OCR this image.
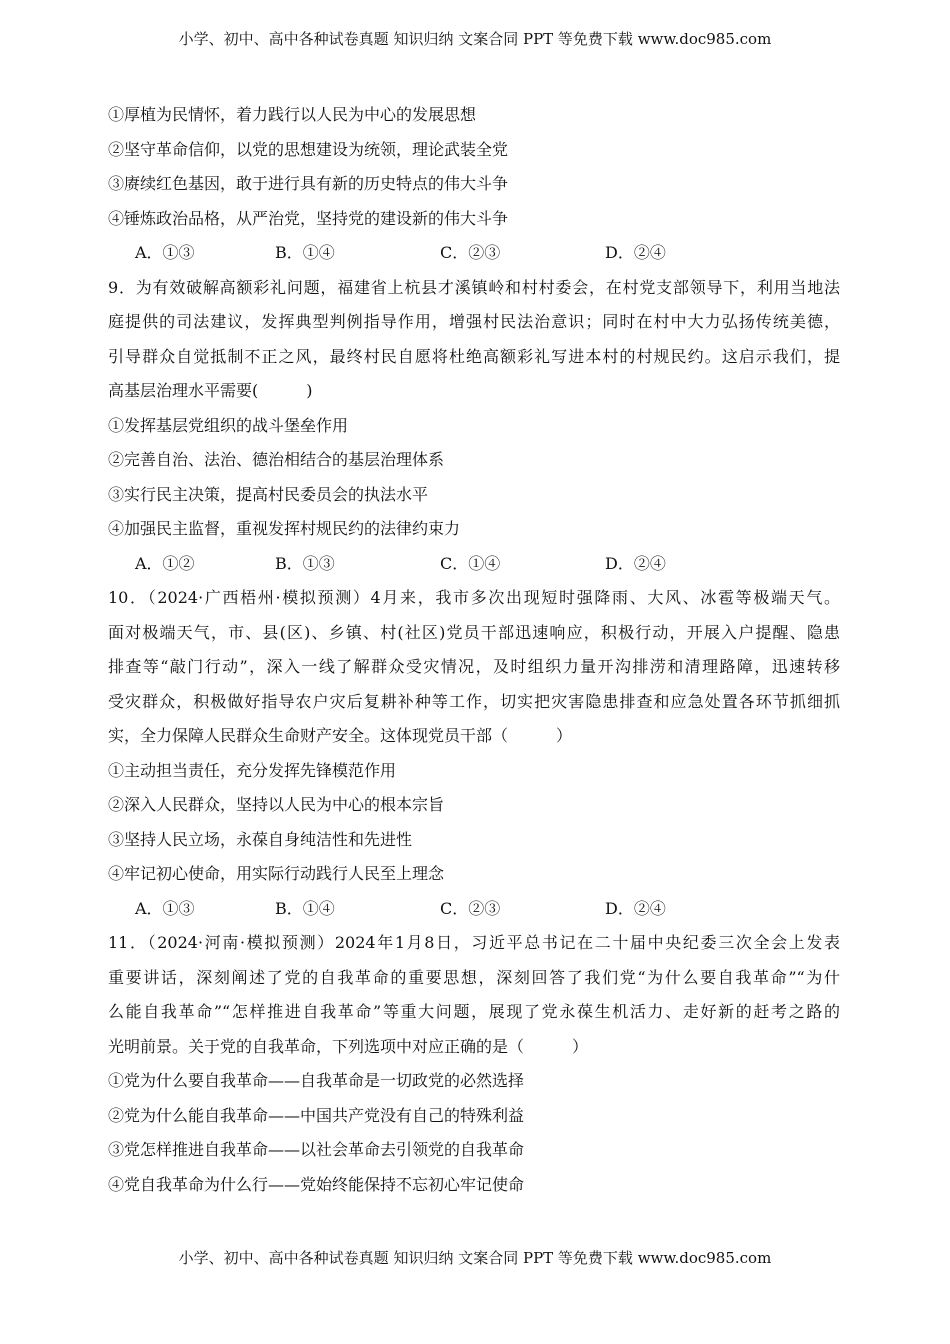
小学、初中、高中各种试卷真题 知识归纳 文案合同 PPT 等免费下载 www.doc985.com
①厚植为民情怀，着力践行以人民为中心的发展思想
②坚守革命信仰，以党的思想建设为统领，理论武装全党
③赓续红色基因，敢于进行具有新的历史特点的伟大斗争
④锤炼政治品格，从严治党，坚持党的建设新的伟大斗争
A．①③	B．①④	C．②③	D．②④
9．为有效破解高额彩礼问题，福建省上杭县才溪镇岭和村村委会，在村党支部领导下，利用当地法
庭提供的司法建议，发挥典型判例指导作用，增强村民法治意识；同时在村中大力弘扬传统美德，
引导群众自觉抵制不正之风，最终村民自愿将杜绝高额彩礼写进本村的村规民约。这启示我们，提
高基层治理水平需要(　　　)
①发挥基层党组织的战斗堡垒作用
②完善自治、法治、德治相结合的基层治理体系
③实行民主决策，提高村民委员会的执法水平
④加强民主监督，重视发挥村规民约的法律约束力
A．①②	B．①③	C．①④	D．②④
10．（2024·广西梧州·模拟预测）4月来，我市多次出现短时强降雨、大风、冰雹等极端天气。
面对极端天气，市、县(区)、乡镇、村(社区)党员干部迅速响应，积极行动，开展入户提醒、隐患
排查等“敲门行动”，深入一线了解群众受灾情况，及时组织力量开沟排涝和清理路障，迅速转移
受灾群众，积极做好指导农户灾后复耕补种等工作，切实把灾害隐患排查和应急处置各环节抓细抓
实，全力保障人民群众生命财产安全。这体现党员干部（　　　）
①主动担当责任，充分发挥先锋模范作用
②深入人民群众，坚持以人民为中心的根本宗旨
③坚持人民立场，永葆自身纯洁性和先进性
④牢记初心使命，用实际行动践行人民至上理念
A．①③	B．①④	C．②③	D．②④
11．（2024·河南·模拟预测）2024年1月8日，习近平总书记在二十届中央纪委三次全会上发表
重要讲话，深刻阐述了党的自我革命的重要思想，深刻回答了我们党“为什么要自我革命”“为什
么能自我革命”“怎样推进自我革命”等重大问题，展现了党永葆生机活力、走好新的赶考之路的
光明前景。关于党的自我革命，下列选项中对应正确的是（　　　）
①党为什么要自我革命——自我革命是一切政党的必然选择
②党为什么能自我革命——中国共产党没有自己的特殊利益
③党怎样推进自我革命——以社会革命去引领党的自我革命
④党自我革命为什么行——党始终能保持不忘初心牢记使命
小学、初中、高中各种试卷真题 知识归纳 文案合同 PPT 等免费下载 www.doc985.com
